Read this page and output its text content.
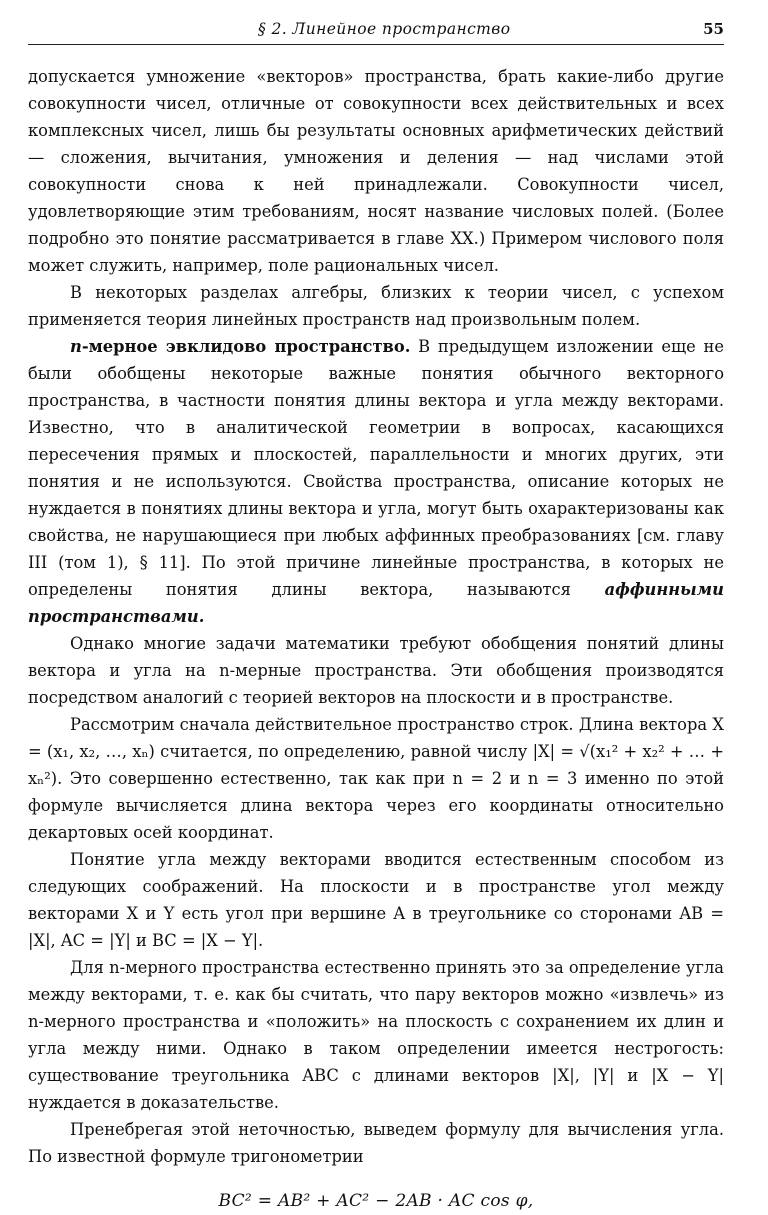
§ 2. Линейное пространство	55

допускается умножение «векторов» пространства, брать какие-либо другие совокупности чисел, отличные от совокупности всех действительных и всех комплексных чисел, лишь бы результаты основных арифметических действий — сложения, вычитания, умножения и деления — над числами этой совокупности снова к ней принадлежали. Совокупности чисел, удовлетворяющие этим требованиям, носят название числовых полей. (Более подробно это понятие рассматривается в главе XX.) Примером числового поля может служить, например, поле рациональных чисел.

В некоторых разделах алгебры, близких к теории чисел, с успехом применяется теория линейных пространств над произвольным полем.

n-мерное эвклидово пространство. В предыдущем изложении еще не были обобщены некоторые важные понятия обычного векторного пространства, в частности понятия длины вектора и угла между векторами. Известно, что в аналитической геометрии в вопросах, касающихся пересечения прямых и плоскостей, параллельности и многих других, эти понятия и не используются. Свойства пространства, описание которых не нуждается в понятиях длины вектора и угла, могут быть охарактеризованы как свойства, не нарушающиеся при любых аффинных преобразованиях [см. главу III (том 1), § 11]. По этой причине линейные пространства, в которых не определены понятия длины вектора, называются аффинными пространствами.

Однако многие задачи математики требуют обобщения понятий длины вектора и угла на n-мерные пространства. Эти обобщения производятся посредством аналогий с теорией векторов на плоскости и в пространстве.

Рассмотрим сначала действительное пространство строк. Длина вектора X = (x₁, x₂, …, xₙ) считается, по определению, равной числу |X| = √(x₁² + x₂² + … + xₙ²). Это совершенно естественно, так как при n = 2 и n = 3 именно по этой формуле вычисляется длина вектора через его координаты относительно декартовых осей координат.

Понятие угла между векторами вводится естественным способом из следующих соображений. На плоскости и в пространстве угол между векторами X и Y есть угол при вершине A в треугольнике со сторонами AB = |X|, AC = |Y| и BC = |X − Y|.

Для n-мерного пространства естественно принять это за определение угла между векторами, т. е. как бы считать, что пару векторов можно «извлечь» из n-мерного пространства и «положить» на плоскость с сохранением их длин и угла между ними. Однако в таком определении имеется нестрогость: существование треугольника ABC с длинами векторов |X|, |Y| и |X − Y| нуждается в доказательстве.

Пренебрегая этой неточностью, выведем формулу для вычисления угла. По известной формуле тригонометрии

BC² = AB² + AC² − 2AB · AC cos φ,
